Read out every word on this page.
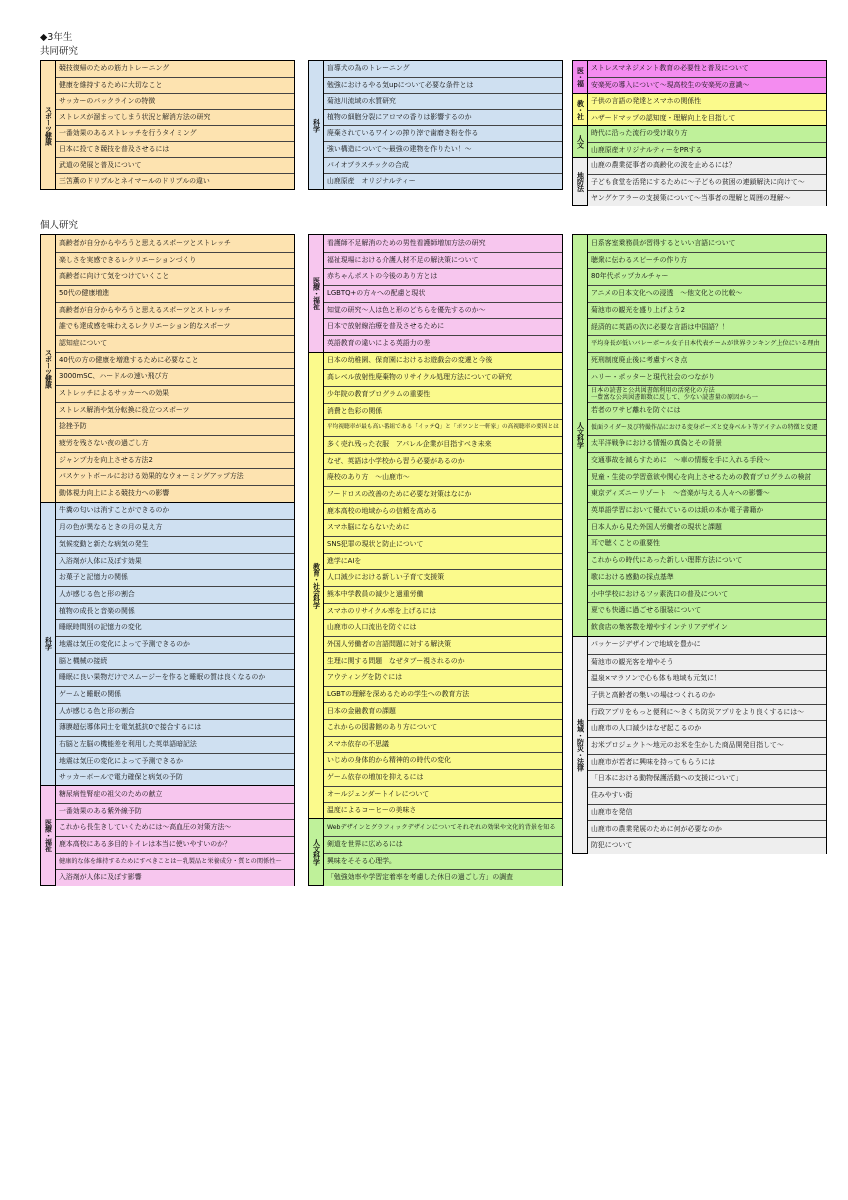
◆3年生
共同研究
個人研究
スポーツ健康
競技復帰のための筋力トレーニング
健康を維持するために大切なこと
サッカーのパックラインの特徴
ストレスが溜まってしまう状況と解消方法の研究
一番効果のあるストレッチを行うタイミング
日本に投てき競技を普及させるには
武道の発展と普及について
三笘薫のドリブルとネイマールのドリブルの違い
科学
盲導犬の為のトレーニング
勉強におけるやる気upについて必要な条件とは
菊池川流域の水質研究
植物の細胞分裂にアロマの香りは影響するのか
廃棄されているワインの搾り滓で歯磨き粉を作る
強い構造について〜最強の建物を作りたい！〜
バイオプラスチックの合成
山鹿原産　オリジナルティー
医・福 ストレスマネジメント教育の必要性と普及について
安楽死の導入について〜現高校生の安楽死の意識〜
教・社 子供の言語の発達とスマホの関係性
ハザードマップの認知度・理解向上を目指して
人文
時代に沿った流行の受け取り方
山鹿原産オリジナルティーをPRする
地防法
山鹿の農業従事者の高齢化の波を止めるには？
子ども食堂を活発にするために〜子どもの貧困の連鎖解決に向けて〜
ヤングケアラーの支援策について〜当事者の理解と周囲の理解〜
スポーツ健康
高齢者が自分からやろうと思えるスポーツとストレッチ
楽しさを実感できるレクリエーションづくり
高齢者に向けて気をつけていくこと
50代の健康増進
高齢者が自分からやろうと思えるスポーツとストレッチ
誰でも達成感を味わえるレクリエーション的なスポーツ
認知症について
40代の方の健康を増進するために必要なこと
3000mSC、ハードルの速い飛び方
ストレッチによるサッカーへの効果
ストレス解消や気分転換に役立つスポーツ
捻挫予防
疲労を残さない夜の過ごし方
ジャンプ力を向上させる方法2
バスケットボールにおける効果的なウォーミングアップ方法
動体視力向上による競技力への影響
科学
牛糞の匂いは消すことができるのか
月の色が異なるときの月の見え方
気候変動と新たな病気の発生
入浴剤が人体に及ぼす効果
お菓子と記憶力の関係
人が感じる色と形の割合
植物の成長と音楽の関係
睡眠時間別の記憶力の変化
地震は気圧の変化によって予測できるのか
脳と機械の接続
睡眠に良い果物だけでスムージーを作ると睡眠の質は良くなるのか
ゲームと睡眠の関係
人が感じる色と形の割合
薄膜超伝導体同士を電気抵抗0で接合するには
右脳と左脳の機能差を利用した英単語暗記法
地震は気圧の変化によって予測できるか
サッカーボールで電力確保と病気の予防
医療・福祉
糖尿病性腎症の祖父のための献立
一番効果のある紫外線予防
これから長生きしていくためには〜高血圧の対策方法〜
鹿本高校にある多目的トイレは本当に使いやすいのか？
健康的な体を維持するためにすべきことは〜乳製品と栄養成分・質との関係性〜
入浴剤が人体に及ぼす影響
医療・福祉
看護師不足解消のための男性看護師増加方法の研究
福祉現場における介護人材不足の解決策について
赤ちゃんポストの今後のあり方とは
LGBTQ+の方々への配慮と現状
知覚の研究〜人は色と形のどちらを優先するのか〜
日本で放射線治療を普及させるために
英語教育の違いによる英語力の差
教育・社会科学
日本の幼稚園、保育園におけるお遊戯会の変遷と今後
高レベル放射性廃棄物のリサイクル処理方法についての研究
少年院の教育プログラムの重要性
消費と色彩の関係
平均視聴率が最も高い番組である「イッテQ」と「ポツンと一軒家」の高視聴率の要因とは
多く売れ残った衣服　アパレル企業が目指すべき未来
なぜ、英語は小学校から習う必要があるのか
廃校のあり方　〜山鹿市〜
フードロスの改善のために必要な対策はなにか
鹿本高校の地域からの信頼を高める
スマホ脳にならないために
SNS犯罪の現状と防止について
進学にAIを
人口減少における新しい子育て支援策
熊本中学教員の減少と過重労働
スマホのリサイクル率を上げるには
山鹿市の人口流出を防ぐには
外国人労働者の言語問題に対する解決策
生理に関する問題　なぜタブー視されるのか
アウティングを防ぐには
LGBTの理解を深めるための学生への教育方法
日本の金融教育の課題
これからの図書館のあり方について
スマホ依存の不思議
いじめの身体的から精神的の時代の変化
ゲーム依存の増加を抑えるには
オールジェンダートイレについて
温度によるコーヒーの美味さ
人文科学
Webデザインとグラフィックデザインについてそれぞれの効果や文化的背景を知る
剣道を世界に広めるには
興味をそそる心理学。
「勉強効率や学習定着率を考慮した休日の過ごし方」の調査
人文科学
日系客室乗務員が習得するといい言語について
聴衆に伝わるスピーチの作り方
80年代ポップカルチャー
アニメの日本文化への浸透　〜他文化との比較〜
菊池市の観光を盛り上げよう2
経済的に英語の次に必要な言語は中国語？！
平均身長が低いバレーボール女子日本代表チームが世界ランキング上位にいる理由
死刑制度廃止後に考慮すべき点
ハリー・ポッターと現代社会のつながり
日本の読書と公共図書館利用の活発化の方法
一豊富な公共図書館数に反して、少ない読書量の原因から一
若者のワサビ離れを防ぐには
仮面ライダー及び特撮作品における変身ポーズと変身ベルト等アイテムの特徴と変遷
太平洋戦争における情報の真偽とその背景
交通事故を減らすために　〜車の情報を手に入れる手段〜
児童・生徒の学習意欲や関心を向上させるための教育プログラムの検討
東京ディズニーリゾート　〜音楽が与える人々への影響〜
英単語学習において優れているのは紙の本か電子書籍か
日本人から見た外国人労働者の現状と課題
耳で聴くことの重要性
これからの時代にあった新しい理葬方法について
歌における感動の採点基準
小中学校におけるフッ素洗口の普及について
夏でも快適に過ごせる服装について
飲食店の集客数を増やすインテリアデザイン
地域・防災・法律
パッケージデザインで地域を豊かに
菊池市の観光客を増やそう
温泉×マラソンで心も体も地域も元気に！
子供と高齢者の集いの場はつくれるのか
行政アプリをもっと便利に〜きくち防災アプリをより良くするには〜
山鹿市の人口減少はなぜ起こるのか
お米プロジェクト〜地元のお米を生かした商品開発目指して〜
山鹿市が若者に興味を持ってもらうには
「日本における動物保護活動への支援について」
住みやすい街
山鹿市を発信
山鹿市の農業発展のために何が必要なのか
防犯について
